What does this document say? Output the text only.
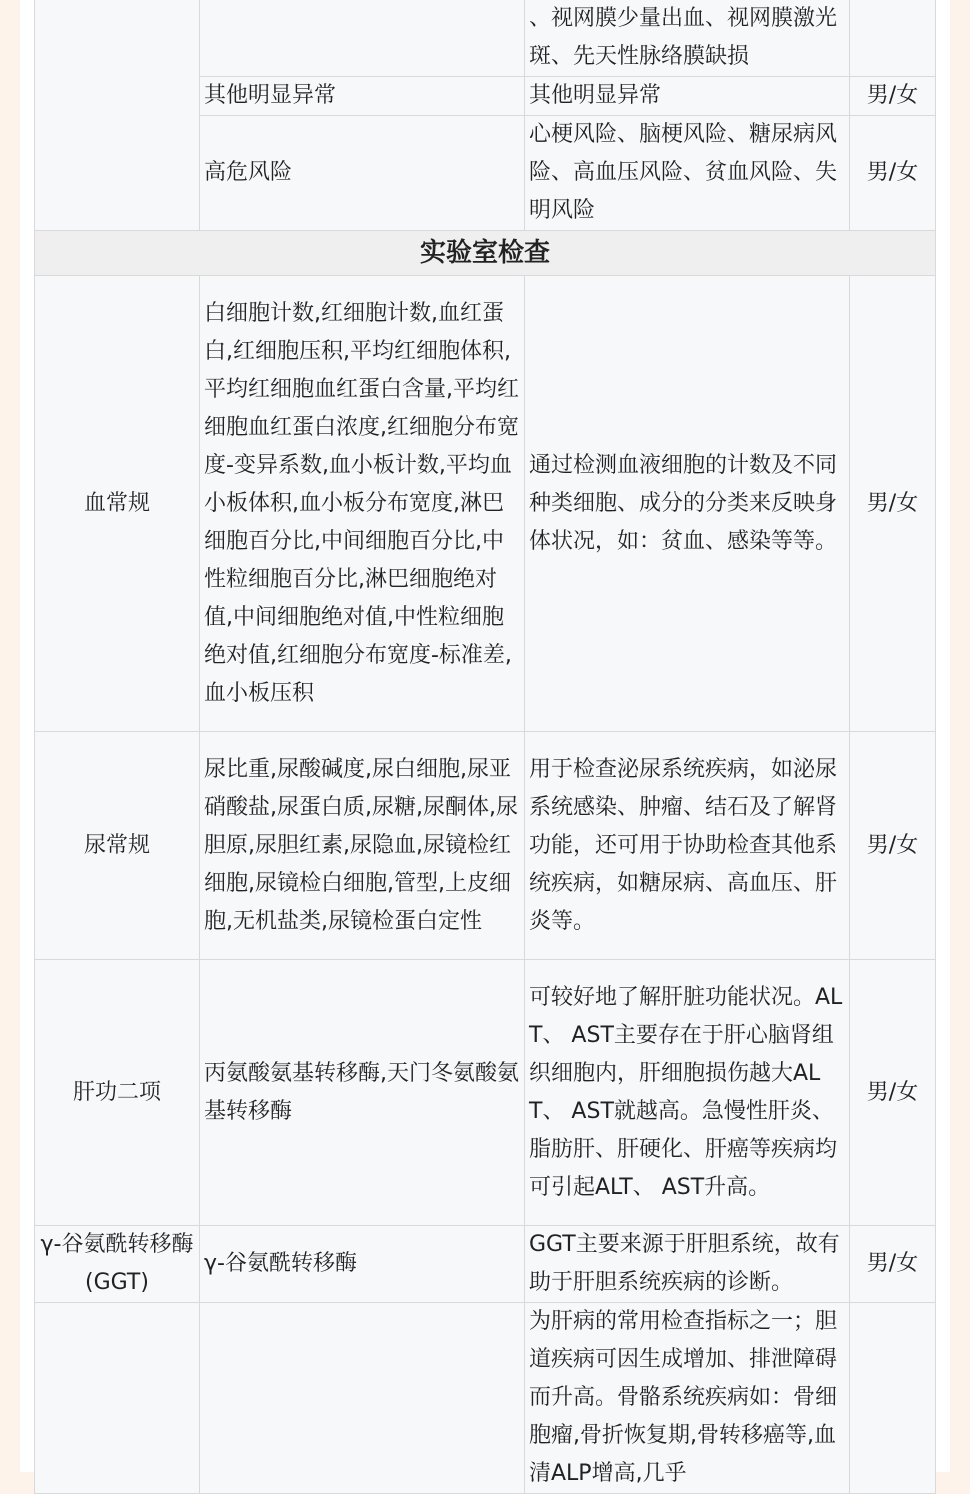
		、视网膜少量出血、视网膜激光斑、先天性脉络膜缺损	
	其他明显异常	其他明显异常	男/女
	高危风险	心梗风险、脑梗风险、糖尿病风险、高血压风险、贫血风险、失明风险	男/女
实验室检查			
血常规	白细胞计数,红细胞计数,血红蛋白,红细胞压积,平均红细胞体积,平均红细胞血红蛋白含量,平均红细胞血红蛋白浓度,红细胞分布宽度-变异系数,血小板计数,平均血小板体积,血小板分布宽度,淋巴细胞百分比,中间细胞百分比,中性粒细胞百分比,淋巴细胞绝对值,中间细胞绝对值,中性粒细胞绝对值,红细胞分布宽度-标准差,血小板压积	通过检测血液细胞的计数及不同种类细胞、成分的分类来反映身体状况，如：贫血、感染等等。	男/女
尿常规	尿比重,尿酸碱度,尿白细胞,尿亚硝酸盐,尿蛋白质,尿糖,尿酮体,尿胆原,尿胆红素,尿隐血,尿镜检红细胞,尿镜检白细胞,管型,上皮细胞,无机盐类,尿镜检蛋白定性	用于检查泌尿系统疾病，如泌尿系统感染、肿瘤、结石及了解肾功能，还可用于协助检查其他系统疾病，如糖尿病、高血压、肝炎等。	男/女
肝功二项	丙氨酸氨基转移酶,天门冬氨酸氨基转移酶	可较好地了解肝脏功能状况。ALT、 AST主要存在于肝心脑肾组织细胞内，肝细胞损伤越大ALT、 AST就越高。急慢性肝炎、脂肪肝、肝硬化、肝癌等疾病均可引起ALT、 AST升高。	男/女
γ-谷氨酰转移酶(GGT)	γ-谷氨酰转移酶	GGT主要来源于肝胆系统，故有助于肝胆系统疾病的诊断。	男/女
		为肝病的常用检查指标之一；胆道疾病可因生成增加、排泄障碍而升高。骨骼系统疾病如：骨细胞瘤,骨折恢复期,骨转移癌等,血清ALP增高,几乎	
